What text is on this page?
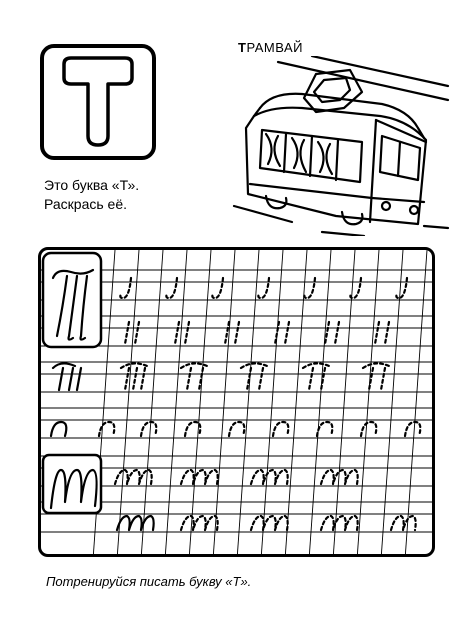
Это буква «Т».
Раскрась её.
ТРАМВАЙ
Потренируйся писать букву «Т».
